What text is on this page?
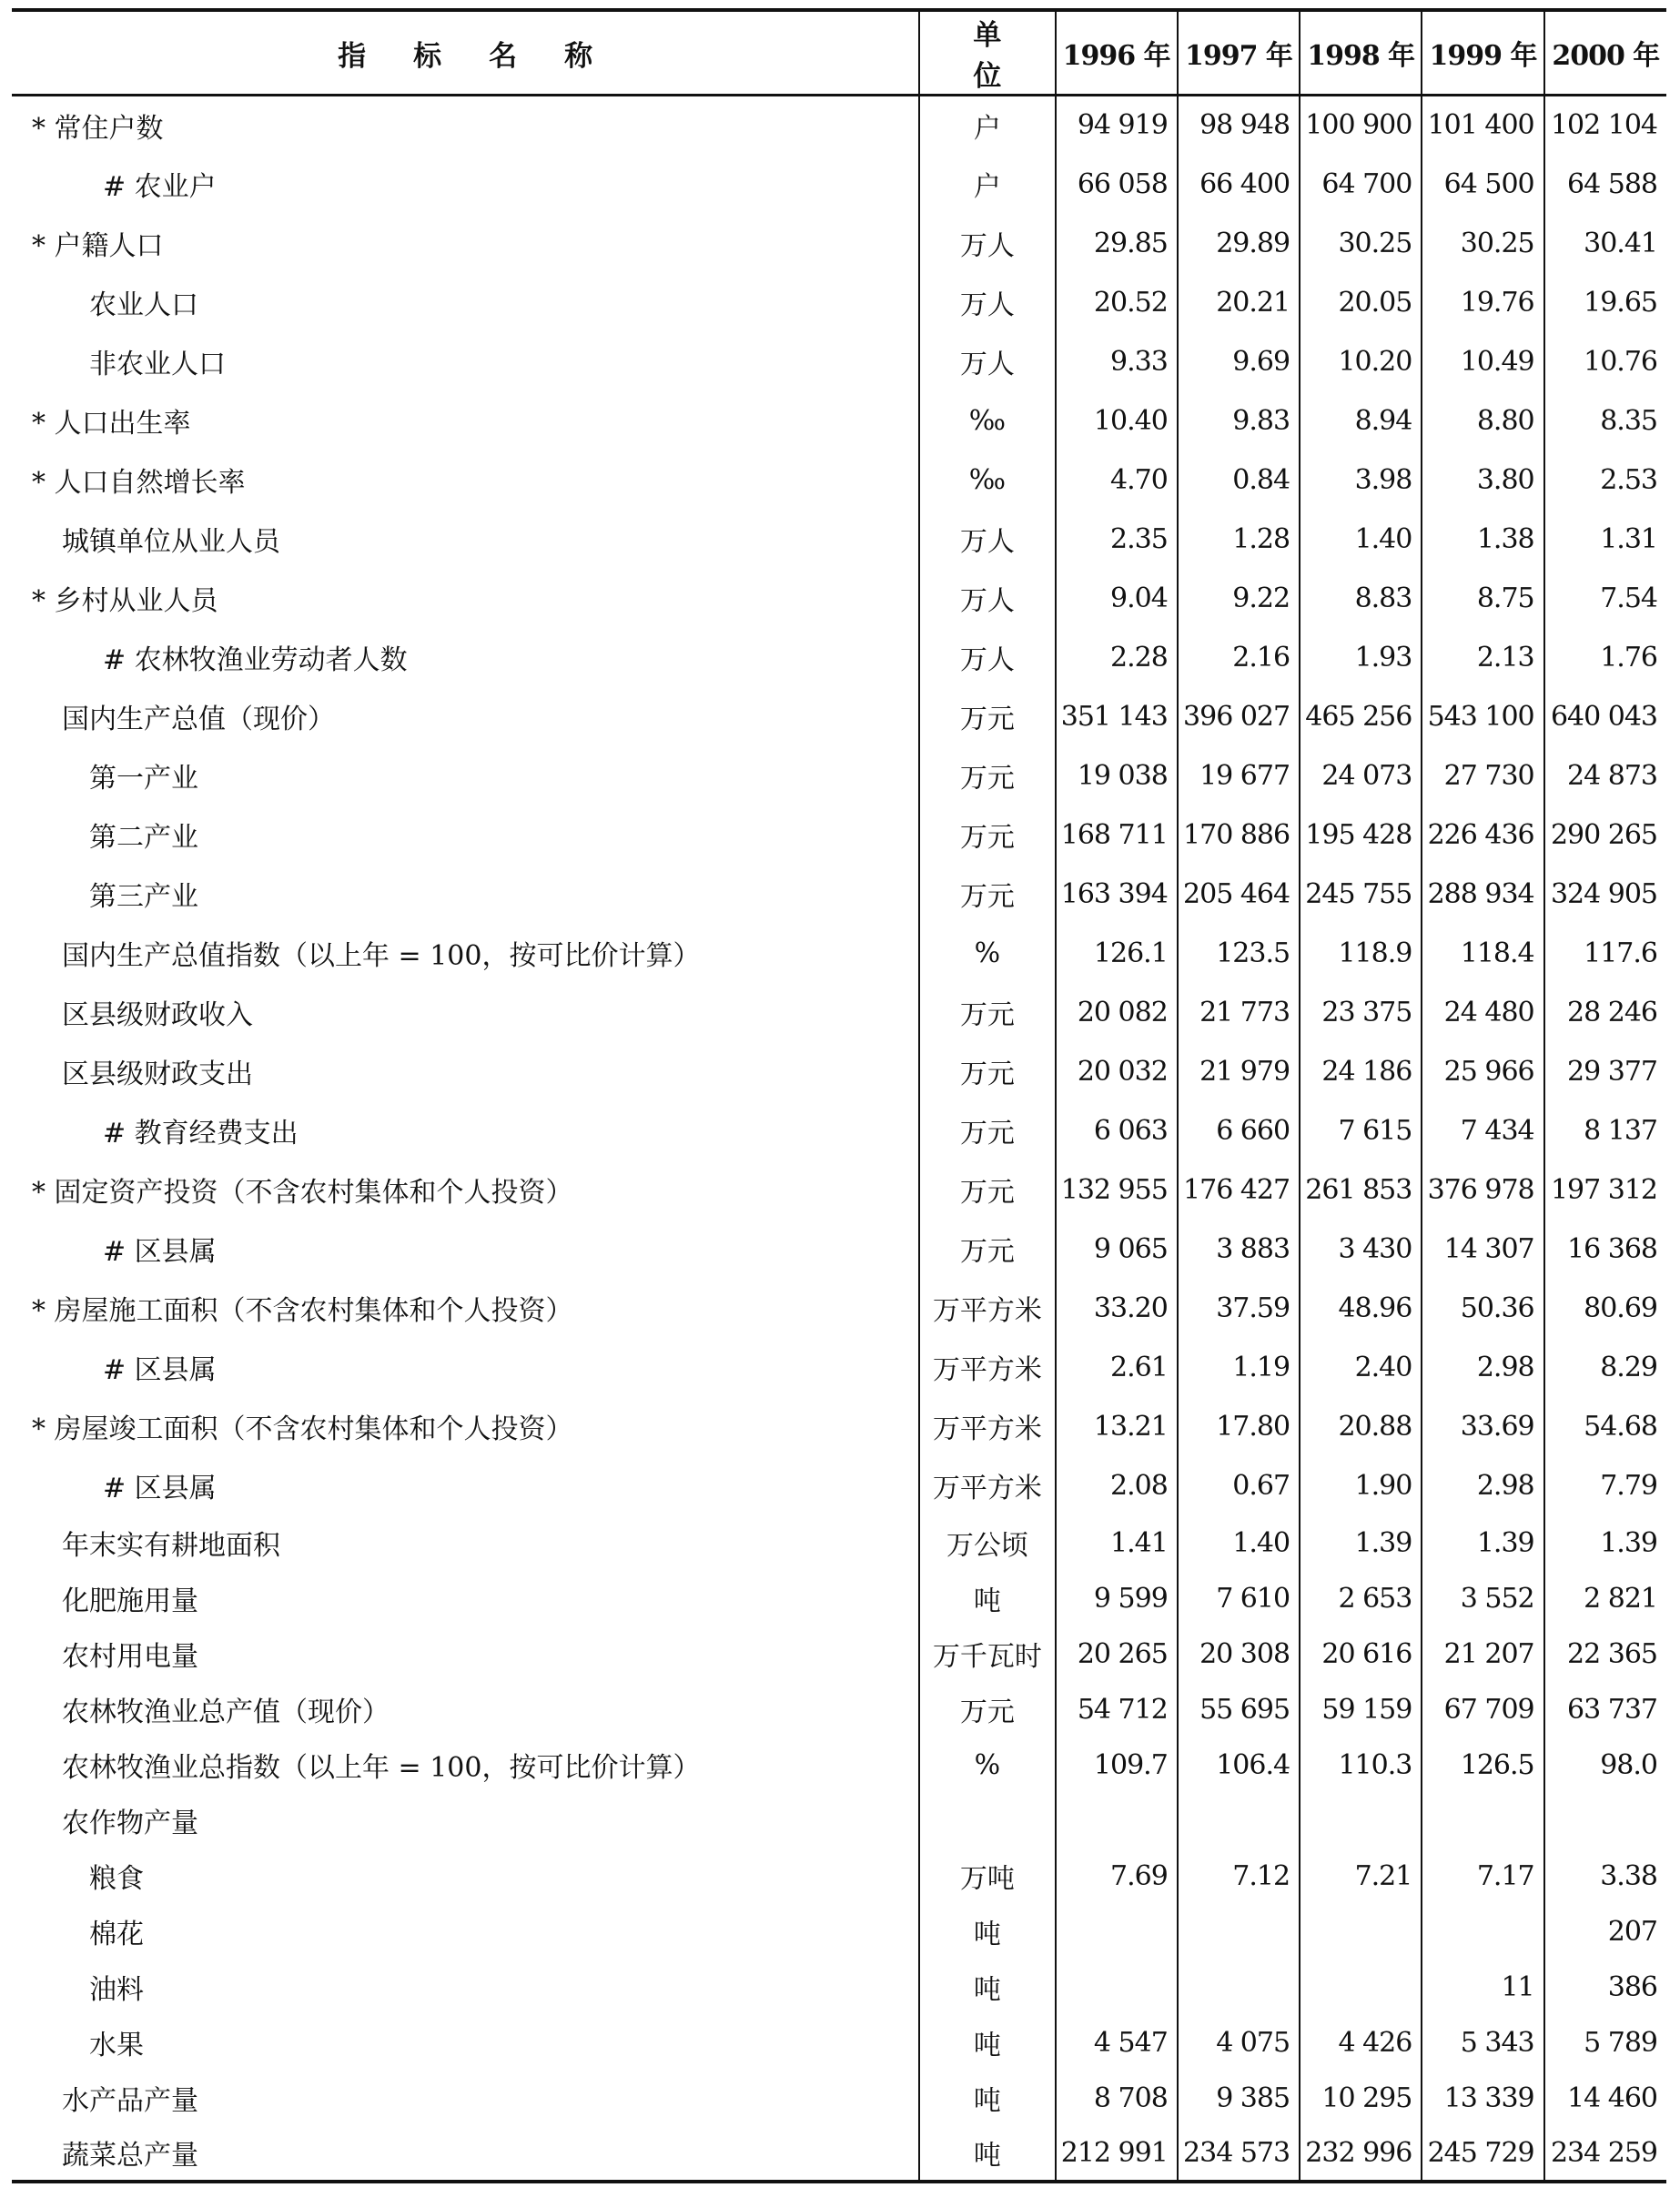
指标名称	单位	1996 年	1997 年	1998 年	1999 年	2000 年
* 常住户数	户	94 919	98 948	100 900	101 400	102 104
# 农业户	户	66 058	66 400	64 700	64 500	64 588
* 户籍人口	万人	29.85	29.89	30.25	30.25	30.41
农业人口	万人	20.52	20.21	20.05	19.76	19.65
非农业人口	万人	9.33	9.69	10.20	10.49	10.76
* 人口出生率	‰	10.40	9.83	8.94	8.80	8.35
* 人口自然增长率	‰	4.70	0.84	3.98	3.80	2.53
城镇单位从业人员	万人	2.35	1.28	1.40	1.38	1.31
* 乡村从业人员	万人	9.04	9.22	8.83	8.75	7.54
# 农林牧渔业劳动者人数	万人	2.28	2.16	1.93	2.13	1.76
国内生产总值（现价）	万元	351 143	396 027	465 256	543 100	640 043
第一产业	万元	19 038	19 677	24 073	27 730	24 873
第二产业	万元	168 711	170 886	195 428	226 436	290 265
第三产业	万元	163 394	205 464	245 755	288 934	324 905
国内生产总值指数（以上年 = 100，按可比价计算）	%	126.1	123.5	118.9	118.4	117.6
区县级财政收入	万元	20 082	21 773	23 375	24 480	28 246
区县级财政支出	万元	20 032	21 979	24 186	25 966	29 377
# 教育经费支出	万元	6 063	6 660	7 615	7 434	8 137
* 固定资产投资（不含农村集体和个人投资）	万元	132 955	176 427	261 853	376 978	197 312
# 区县属	万元	9 065	3 883	3 430	14 307	16 368
* 房屋施工面积（不含农村集体和个人投资）	万平方米	33.20	37.59	48.96	50.36	80.69
# 区县属	万平方米	2.61	1.19	2.40	2.98	8.29
* 房屋竣工面积（不含农村集体和个人投资）	万平方米	13.21	17.80	20.88	33.69	54.68
# 区县属	万平方米	2.08	0.67	1.90	2.98	7.79
年末实有耕地面积	万公顷	1.41	1.40	1.39	1.39	1.39
化肥施用量	吨	9 599	7 610	2 653	3 552	2 821
农村用电量	万千瓦时	20 265	20 308	20 616	21 207	22 365
农林牧渔业总产值（现价）	万元	54 712	55 695	59 159	67 709	63 737
农林牧渔业总指数（以上年 = 100，按可比价计算）	%	109.7	106.4	110.3	126.5	98.0
农作物产量						
粮食	万吨	7.69	7.12	7.21	7.17	3.38
棉花	吨					207
油料	吨				11	386
水果	吨	4 547	4 075	4 426	5 343	5 789
水产品产量	吨	8 708	9 385	10 295	13 339	14 460
蔬菜总产量	吨	212 991	234 573	232 996	245 729	234 259
